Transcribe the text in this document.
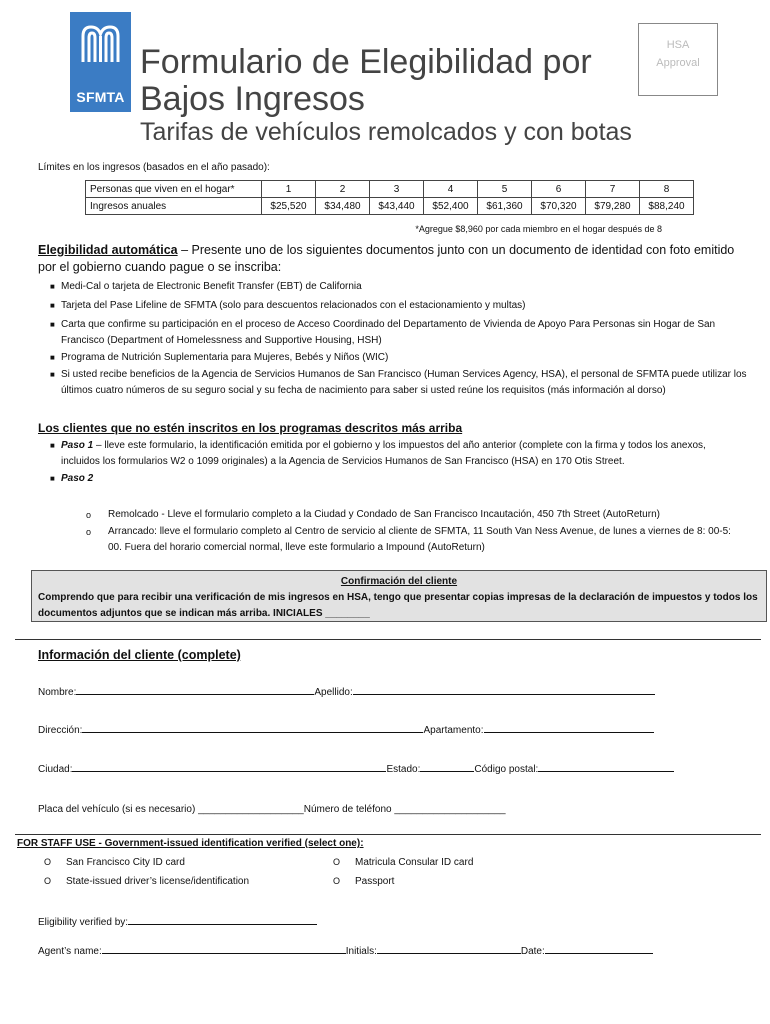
SFMTA
Formulario de Elegibilidad por Bajos Ingresos
Tarifas de vehículos remolcados y con botas
HSA
Approval
Límites en los ingresos (basados en el año pasado):
Personas que viven en el hogar*	1	2	3	4	5	6	7	8
Ingresos anuales	$25,520	$34,480	$43,440	$52,400	$61,360	$70,320	$79,280	$88,240
*Agregue $8,960 por cada miembro en el hogar después de 8
Elegibilidad automática – Presente uno de los siguientes documentos junto con un documento de identidad con foto emitido por el gobierno cuando pague o se inscriba:
■ Medi-Cal o tarjeta de Electronic Benefit Transfer (EBT) de California
■ Tarjeta del Pase Lifeline de SFMTA (solo para descuentos relacionados con el estacionamiento y multas)
■ Carta que confirme su participación en el proceso de Acceso Coordinado del Departamento de Vivienda de Apoyo Para Personas sin Hogar de San Francisco (Department of Homelessness and Supportive Housing, HSH)
■ Programa de Nutrición Suplementaria para Mujeres, Bebés y Niños (WIC)
■ Si usted recibe beneficios de la Agencia de Servicios Humanos de San Francisco (Human Services Agency, HSA), el personal de SFMTA puede utilizar los últimos cuatro números de su seguro social y su fecha de nacimiento para saber si usted reúne los requisitos (más información al dorso)
Los clientes que no estén inscritos en los programas descritos más arriba
■ Paso 1 – lleve este formulario, la identificación emitida por el gobierno y los impuestos del año anterior (complete con la firma y todos los anexos, incluidos los formularios W2 o 1099 originales) a la Agencia de Servicios Humanos de San Francisco (HSA) en 170 Otis Street.
■ Paso 2
o Remolcado - Lleve el formulario completo a la Ciudad y Condado de San Francisco Incautación, 450 7th Street (AutoReturn)
o Arrancado: lleve el formulario completo al Centro de servicio al cliente de SFMTA, 11 South Van Ness Avenue, de lunes a viernes de 8: 00-5: 00. Fuera del horario comercial normal, lleve este formulario a Impound (AutoReturn)
Confirmación del cliente
Comprendo que para recibir una verificación de mis ingresos en HSA, tengo que presentar copias impresas de la declaración de impuestos y todos los documentos adjuntos que se indican más arriba. INICIALES ________
Información del cliente (complete)
Nombre:	Apellido:
Dirección:	Apartamento:
Ciudad:	Estado:	Código postal:
Placa del vehículo (si es necesario) ___________________Número de teléfono ____________________
FOR STAFF USE - Government-issued identification verified (select one):
O San Francisco City ID card	O Matricula Consular ID card
O State-issued driver’s license/identification	O Passport
Eligibility verified by:
Agent’s name:	Initials:	Date:
